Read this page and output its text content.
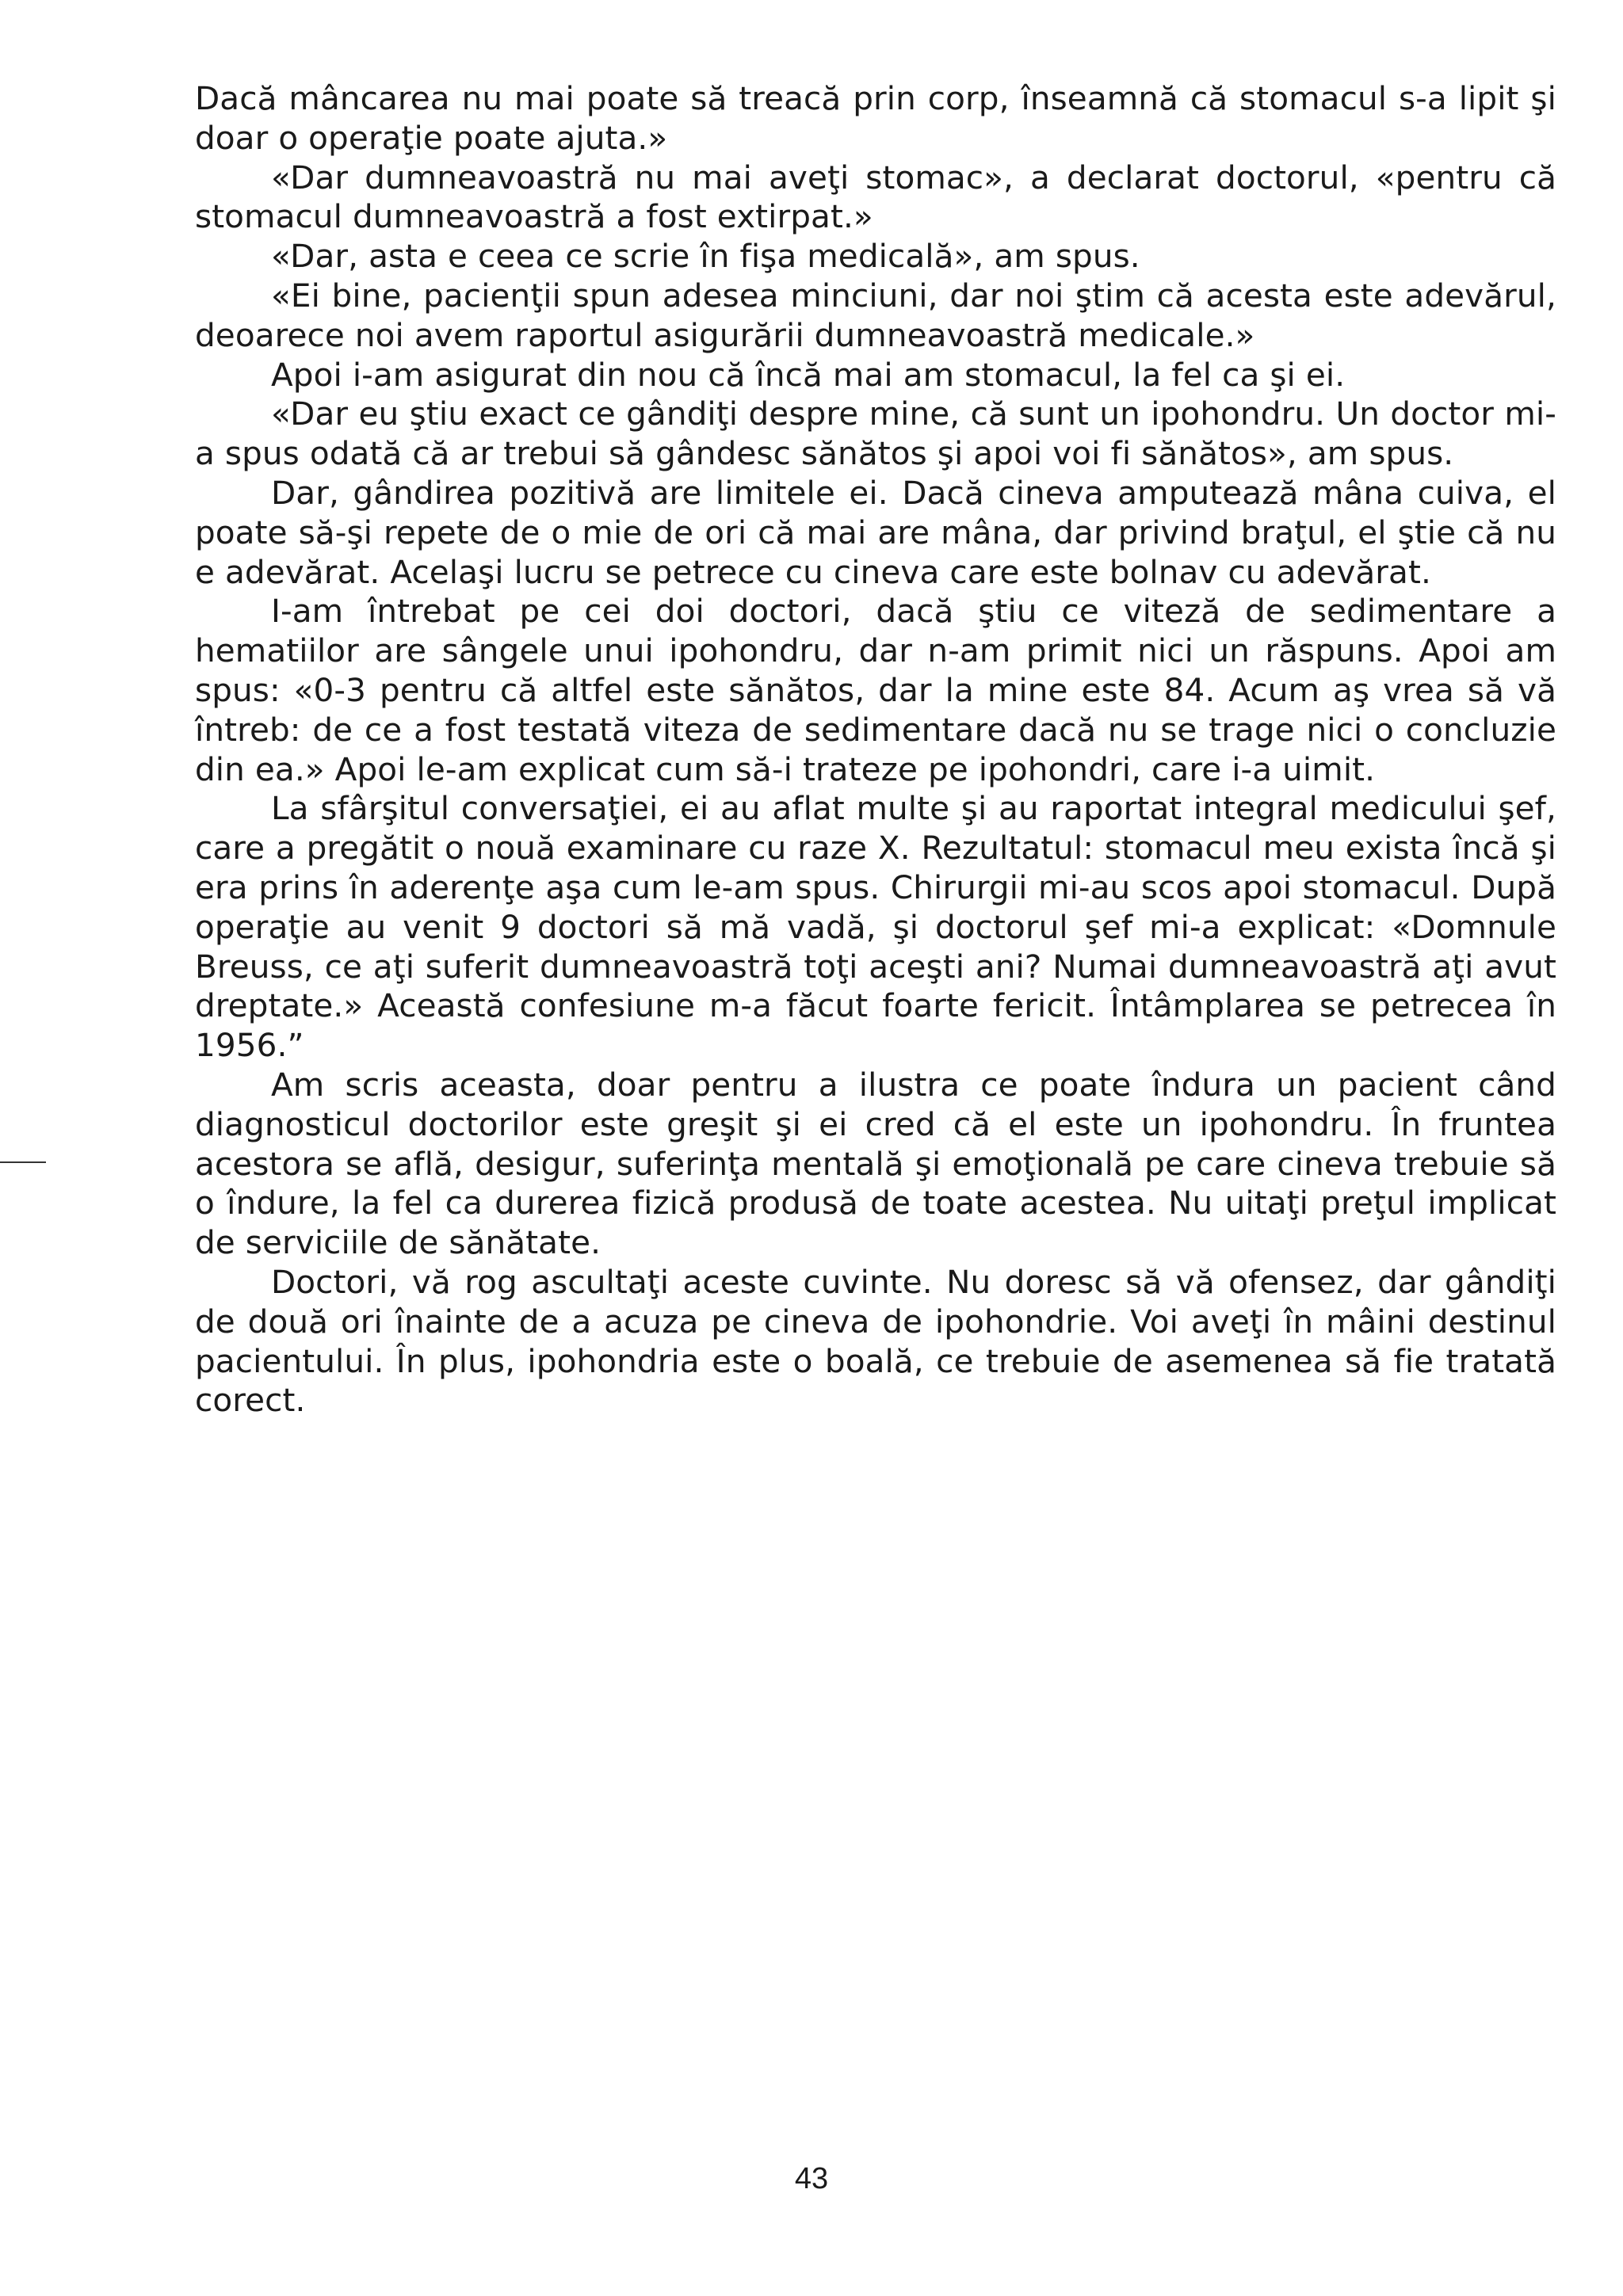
Dacă mâncarea nu mai poate să treacă prin corp, înseamnă că stomacul s-a lipit şi doar o operaţie poate ajuta.»

«Dar dumneavoastră nu mai aveţi stomac», a declarat doctorul, «pentru că stomacul dumneavoastră a fost extirpat.»

«Dar, asta e ceea ce scrie în fişa medicală», am spus.

«Ei bine, pacienţii spun adesea minciuni, dar noi ştim că acesta este adevărul, deoarece noi avem raportul asigurării dumneavoastră medicale.»

Apoi i-am asigurat din nou că încă mai am stomacul, la fel ca şi ei.

«Dar eu ştiu exact ce gândiţi despre mine, că sunt un ipohondru. Un doctor mi-a spus odată că ar trebui să gândesc sănătos şi apoi voi fi sănătos», am spus.

Dar, gândirea pozitivă are limitele ei. Dacă cineva amputează mâna cuiva, el poate să-şi repete de o mie de ori că mai are mâna, dar privind braţul, el ştie că nu e adevărat. Acelaşi lucru se petrece cu cineva care este bolnav cu adevărat.

I-am întrebat pe cei doi doctori, dacă ştiu ce viteză de sedimentare a hematiilor are sângele unui ipohondru, dar n-am primit nici un răspuns. Apoi am spus: «0-3 pentru că altfel este sănătos, dar la mine este 84. Acum aş vrea să vă întreb: de ce a fost testată viteza de sedimentare dacă nu se trage nici o concluzie din ea.» Apoi le-am explicat cum să-i trateze pe ipohondri, care i-a uimit.

La sfârşitul conversaţiei, ei au aflat multe şi au raportat integral medicului şef, care a pregătit o nouă examinare cu raze X. Rezultatul: stomacul meu exista încă şi era prins în aderenţe aşa cum le-am spus. Chirurgii mi-au scos apoi stomacul. După operaţie au venit 9 doctori să mă vadă, şi doctorul şef mi-a explicat: «Domnule Breuss, ce aţi suferit dumneavoastră toţi aceşti ani? Numai dumneavoastră aţi avut dreptate.» Această confesiune m-a făcut foarte fericit. Întâmplarea se petrecea în 1956.”

Am scris aceasta, doar pentru a ilustra ce poate îndura un pacient când diagnosticul doctorilor este greşit şi ei cred că el este un ipohondru. În fruntea acestora se află, desigur, suferinţa mentală şi emoţională pe care cineva trebuie să o îndure, la fel ca durerea fizică produsă de toate acestea. Nu uitaţi preţul implicat de serviciile de sănătate.

Doctori, vă rog ascultaţi aceste cuvinte. Nu doresc să vă ofensez, dar gândiţi de două ori înainte de a acuza pe cineva de ipohondrie. Voi aveţi în mâini destinul pacientului. În plus, ipohondria este o boală, ce trebuie de asemenea să fie tratată corect.

43
